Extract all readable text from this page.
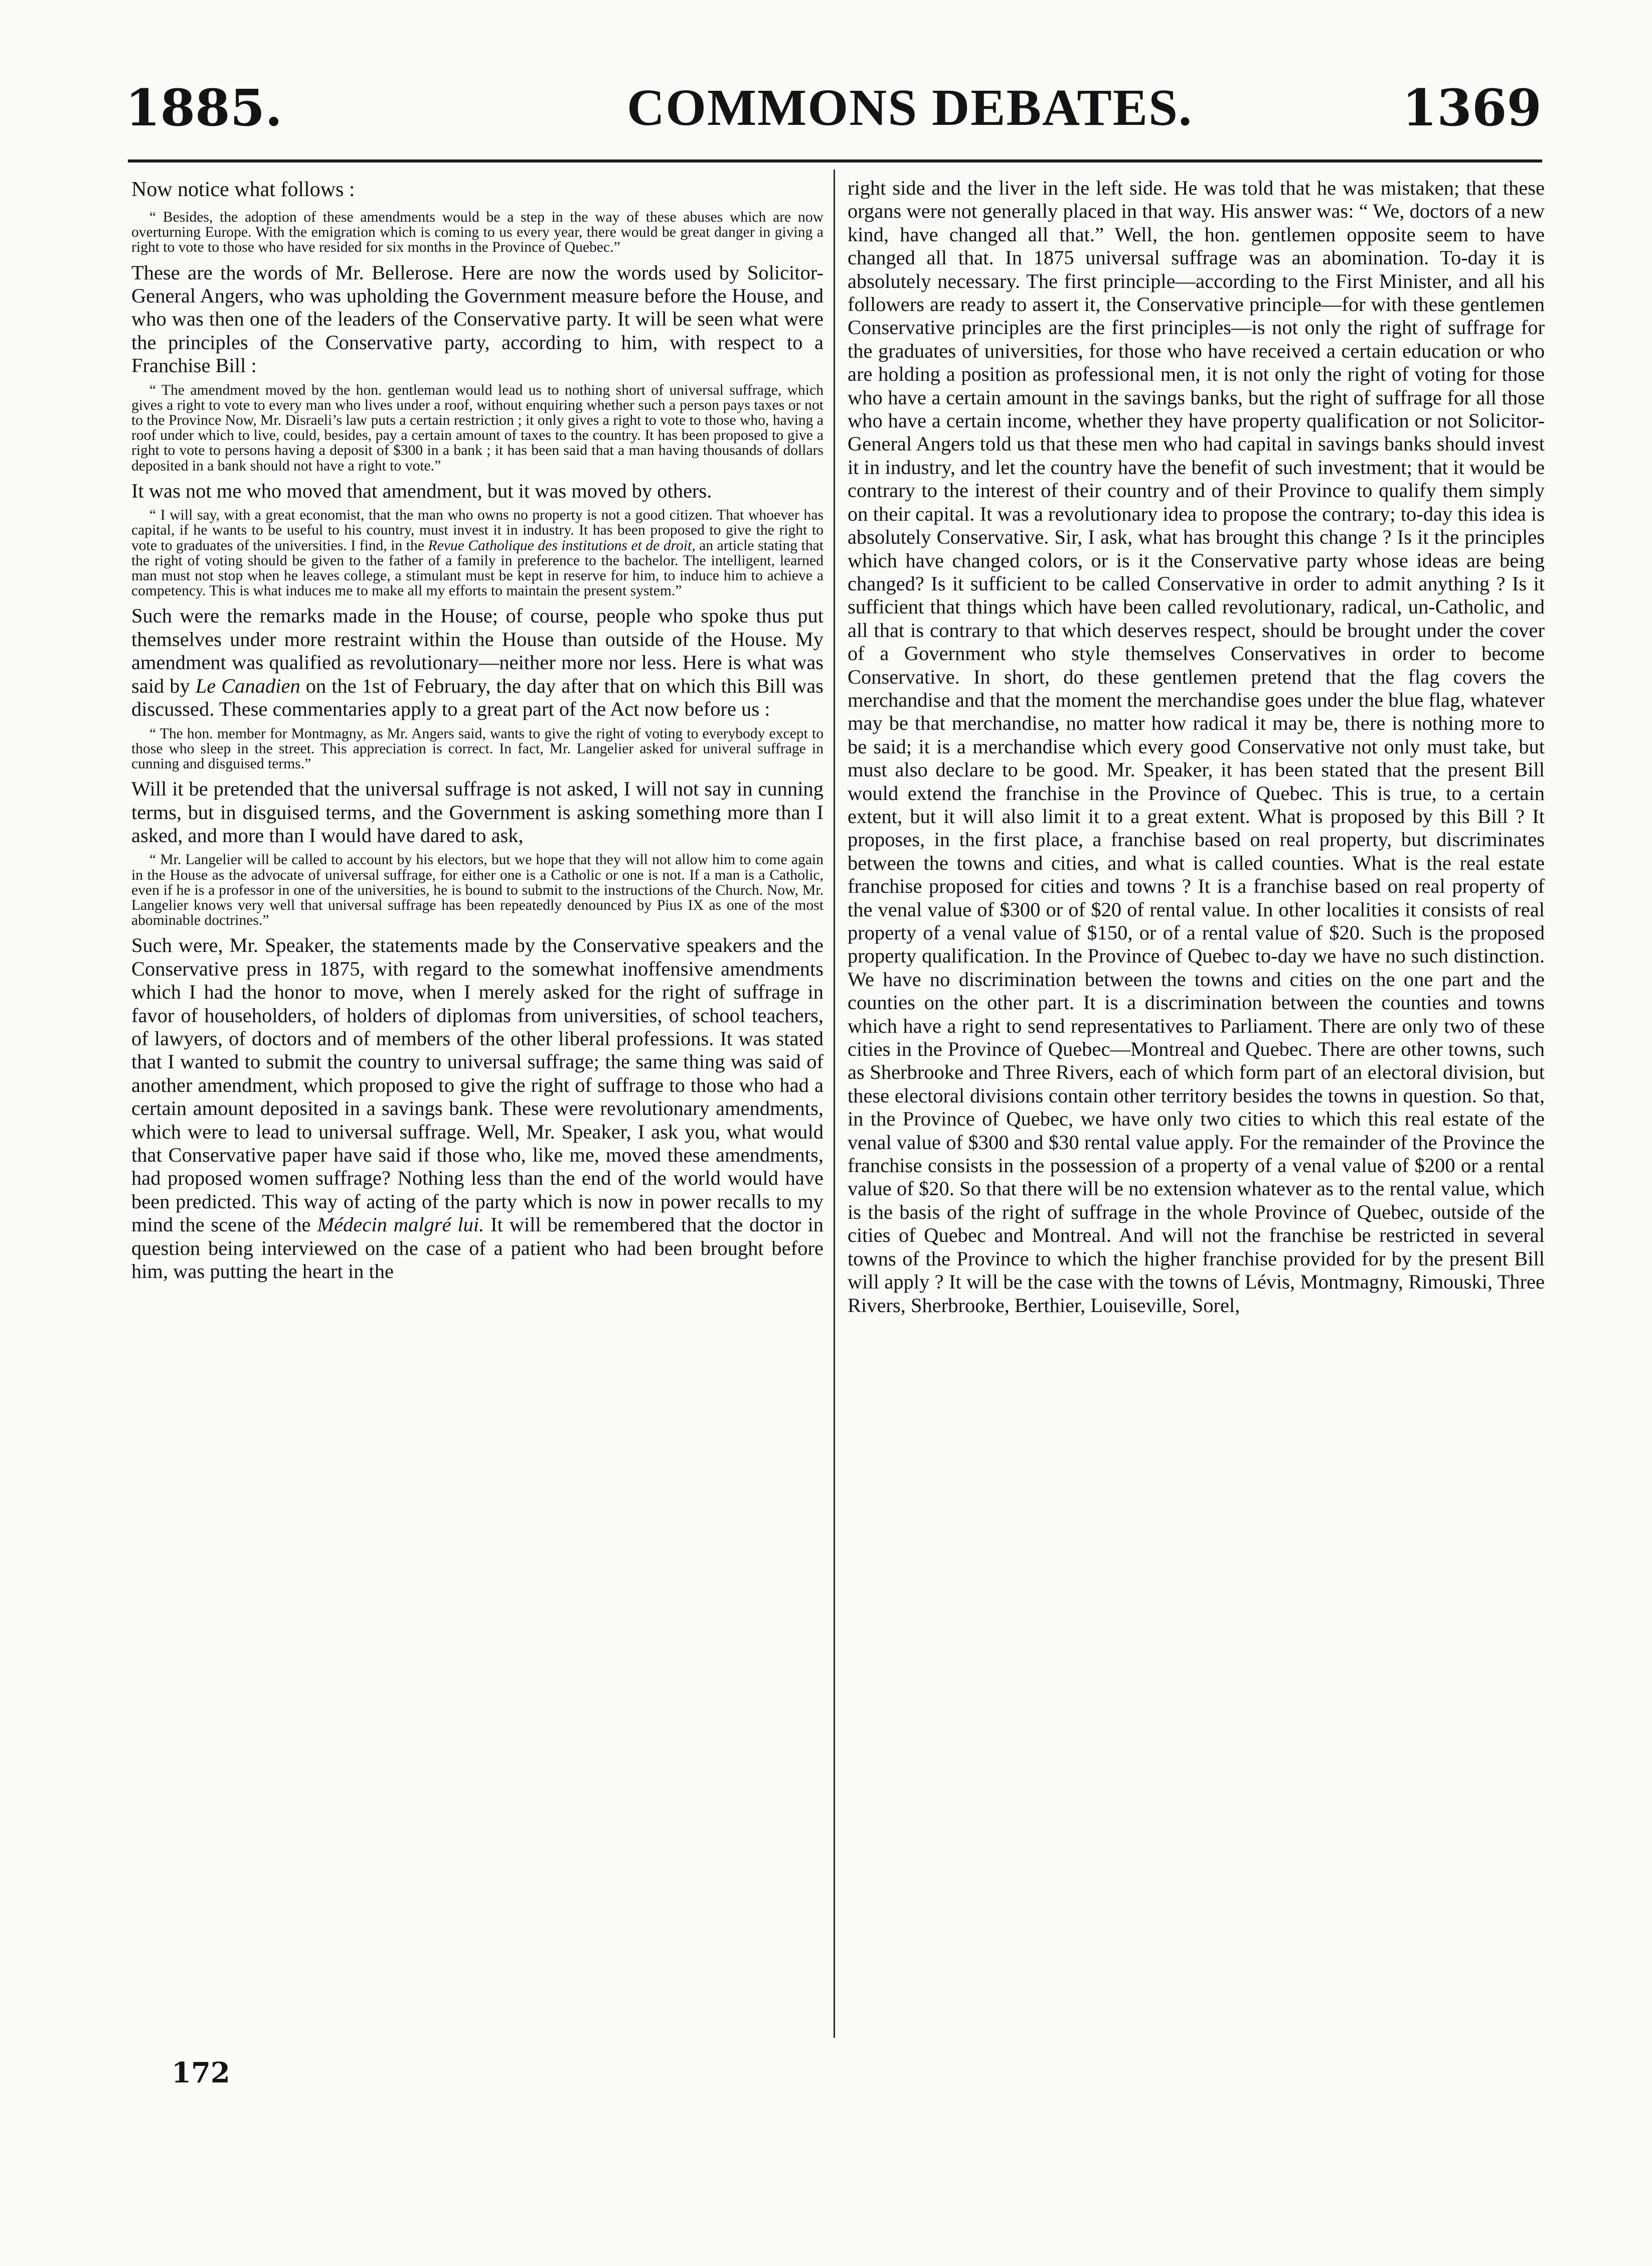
1885.	COMMONS DEBATES.	1369

Now notice what follows :

“ Besides, the adoption of these amendments would be a step in the way of these abuses which are now overturning Europe. With the emigration which is coming to us every year, there would be great danger in giving a right to vote to those who have resided for six months in the Province of Quebec.”

These are the words of Mr. Bellerose. Here are now the words used by Solicitor-General Angers, who was upholding the Government measure before the House, and who was then one of the leaders of the Conservative party. It will be seen what were the principles of the Conservative party, according to him, with respect to a Franchise Bill :

“ The amendment moved by the hon. gentleman would lead us to nothing short of universal suffrage, which gives a right to vote to every man who lives under a roof, without enquiring whether such a person pays taxes or not to the Province Now, Mr. Disraeli’s law puts a certain restriction ; it only gives a right to vote to those who, having a roof under which to live, could, besides, pay a certain amount of taxes to the country. It has been proposed to give a right to vote to persons having a deposit of $300 in a bank ; it has been said that a man having thousands of dollars deposited in a bank should not have a right to vote.”

It was not me who moved that amendment, but it was moved by others.

“ I will say, with a great economist, that the man who owns no property is not a good citizen. That whoever has capital, if he wants to be useful to his country, must invest it in industry. It has been proposed to give the right to vote to graduates of the universities. I find, in the Revue Catholique des institutions et de droit, an article stating that the right of voting should be given to the father of a family in preference to the bachelor. The intelligent, learned man must not stop when he leaves college, a stimulant must be kept in reserve for him, to induce him to achieve a competency. This is what induces me to make all my efforts to maintain the present system.”

Such were the remarks made in the House; of course, people who spoke thus put themselves under more restraint within the House than outside of the House. My amendment was qualified as revolutionary—neither more nor less. Here is what was said by Le Canadien on the 1st of February, the day after that on which this Bill was discussed. These commentaries apply to a great part of the Act now before us :

“ The hon. member for Montmagny, as Mr. Angers said, wants to give the right of voting to everybody except to those who sleep in the street. This appreciation is correct. In fact, Mr. Langelier asked for univeral suffrage in cunning and disguised terms.”

Will it be pretended that the universal suffrage is not asked, I will not say in cunning terms, but in disguised terms, and the Government is asking something more than I asked, and more than I would have dared to ask,

“ Mr. Langelier will be called to account by his electors, but we hope that they will not allow him to come again in the House as the advocate of universal suffrage, for either one is a Catholic or one is not. If a man is a Catholic, even if he is a professor in one of the universities, he is bound to submit to the instructions of the Church. Now, Mr. Langelier knows very well that universal suffrage has been repeatedly denounced by Pius IX as one of the most abominable doctrines.”

Such were, Mr. Speaker, the statements made by the Conservative speakers and the Conservative press in 1875, with regard to the somewhat inoffensive amendments which I had the honor to move, when I merely asked for the right of suffrage in favor of householders, of holders of diplomas from universities, of school teachers, of lawyers, of doctors and of members of the other liberal professions. It was stated that I wanted to submit the country to universal suffrage; the same thing was said of another amendment, which proposed to give the right of suffrage to those who had a certain amount deposited in a savings bank. These were revolutionary amendments, which were to lead to universal suffrage. Well, Mr. Speaker, I ask you, what would that Conservative paper have said if those who, like me, moved these amendments, had proposed women suffrage? Nothing less than the end of the world would have been predicted. This way of acting of the party which is now in power recalls to my mind the scene of the Médecin malgré lui. It will be remembered that the doctor in question being interviewed on the case of a patient who had been brought before him, was putting the heart in the

right side and the liver in the left side. He was told that he was mistaken; that these organs were not generally placed in that way. His answer was: “ We, doctors of a new kind, have changed all that.” Well, the hon. gentlemen opposite seem to have changed all that. In 1875 universal suffrage was an abomination. To-day it is absolutely necessary. The first principle—according to the First Minister, and all his followers are ready to assert it, the Conservative principle—for with these gentlemen Conservative principles are the first principles—is not only the right of suffrage for the graduates of universities, for those who have received a certain education or who are holding a position as professional men, it is not only the right of voting for those who have a certain amount in the savings banks, but the right of suffrage for all those who have a certain income, whether they have property qualification or not Solicitor-General Angers told us that these men who had capital in savings banks should invest it in industry, and let the country have the benefit of such investment; that it would be contrary to the interest of their country and of their Province to qualify them simply on their capital. It was a revolutionary idea to propose the contrary; to-day this idea is absolutely Conservative. Sir, I ask, what has brought this change ? Is it the principles which have changed colors, or is it the Conservative party whose ideas are being changed? Is it sufficient to be called Conservative in order to admit anything ? Is it sufficient that things which have been called revolutionary, radical, un-Catholic, and all that is contrary to that which deserves respect, should be brought under the cover of a Government who style themselves Conservatives in order to become Conservative. In short, do these gentlemen pretend that the flag covers the merchandise and that the moment the merchandise goes under the blue flag, whatever may be that merchandise, no matter how radical it may be, there is nothing more to be said; it is a merchandise which every good Conservative not only must take, but must also declare to be good. Mr. Speaker, it has been stated that the present Bill would extend the franchise in the Province of Quebec. This is true, to a certain extent, but it will also limit it to a great extent. What is proposed by this Bill ? It proposes, in the first place, a franchise based on real property, but discriminates between the towns and cities, and what is called counties. What is the real estate franchise proposed for cities and towns ? It is a franchise based on real property of the venal value of $300 or of $20 of rental value. In other localities it consists of real property of a venal value of $150, or of a rental value of $20. Such is the proposed property qualification. In the Province of Quebec to-day we have no such distinction. We have no discrimination between the towns and cities on the one part and the counties on the other part. It is a discrimination between the counties and towns which have a right to send representatives to Parliament. There are only two of these cities in the Province of Quebec—Montreal and Quebec. There are other towns, such as Sherbrooke and Three Rivers, each of which form part of an electoral division, but these electoral divisions contain other territory besides the towns in question. So that, in the Province of Quebec, we have only two cities to which this real estate of the venal value of $300 and $30 rental value apply. For the remainder of the Province the franchise consists in the possession of a property of a venal value of $200 or a rental value of $20. So that there will be no extension whatever as to the rental value, which is the basis of the right of suffrage in the whole Province of Quebec, outside of the cities of Quebec and Montreal. And will not the franchise be restricted in several towns of the Province to which the higher franchise provided for by the present Bill will apply ? It will be the case with the towns of Lévis, Montmagny, Rimouski, Three Rivers, Sherbrooke, Berthier, Louiseville, Sorel,

172
